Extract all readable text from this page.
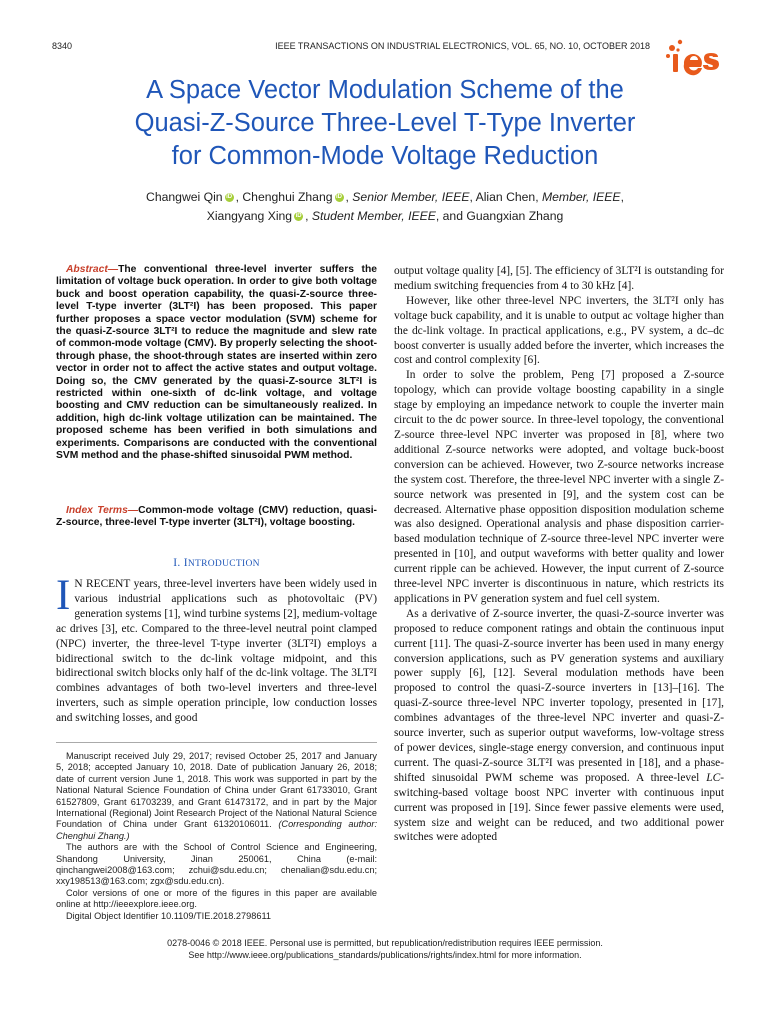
8340	IEEE TRANSACTIONS ON INDUSTRIAL ELECTRONICS, VOL. 65, NO. 10, OCTOBER 2018
A Space Vector Modulation Scheme of the
Quasi-Z-Source Three-Level T-Type Inverter
for Common-Mode Voltage Reduction
Changwei Qin iD , Chenghui Zhang iD , Senior Member, IEEE, Alian Chen, Member, IEEE,
Xiangyang Xing iD , Student Member, IEEE, and Guangxian Zhang

Abstract—The conventional three-level inverter suffers the limitation of voltage buck operation. In order to give both voltage buck and boost operation capability, the quasi-Z-source three-level T-type inverter (3LT²I) has been proposed. This paper further proposes a space vector modulation (SVM) scheme for the quasi-Z-source 3LT²I to reduce the magnitude and slew rate of common-mode voltage (CMV). By properly selecting the shoot-through phase, the shoot-through states are inserted within zero vector in order not to affect the active states and output voltage. Doing so, the CMV generated by the quasi-Z-source 3LT²I is restricted within one-sixth of dc-link voltage, and voltage boosting and CMV reduction can be simultaneously realized. In addition, high dc-link voltage utilization can be maintained. The proposed scheme has been verified in both simulations and experiments. Comparisons are conducted with the conventional SVM method and the phase-shifted sinusoidal PWM method.

Index Terms—Common-mode voltage (CMV) reduction, quasi-Z-source, three-level T-type inverter (3LT²I), voltage boosting.

I. INTRODUCTION

I N RECENT years, three-level inverters have been widely used in various industrial applications such as photovoltaic (PV) generation systems [1], wind turbine systems [2], medium-voltage ac drives [3], etc. Compared to the three-level neutral point clamped (NPC) inverter, the three-level T-type inverter (3LT²I) employs a bidirectional switch to the dc-link voltage midpoint, and this bidirectional switch blocks only half of the dc-link voltage. The 3LT²I combines advantages of both two-level inverters and three-level inverters, such as simple operation principle, low conduction losses and switching losses, and good

output voltage quality [4], [5]. The efficiency of 3LT²I is outstanding for medium switching frequencies from 4 to 30 kHz [4].

However, like other three-level NPC inverters, the 3LT²I only has voltage buck capability, and it is unable to output ac voltage higher than the dc-link voltage. In practical applications, e.g., PV system, a dc–dc boost converter is usually added before the inverter, which increases the cost and control complexity [6].

In order to solve the problem, Peng [7] proposed a Z-source topology, which can provide voltage boosting capability in a single stage by employing an impedance network to couple the inverter main circuit to the dc power source. In three-level topology, the conventional Z-source three-level NPC inverter was proposed in [8], where two additional Z-source networks were adopted, and voltage buck-boost conversion can be achieved. However, two Z-source networks increase the system cost. Therefore, the three-level NPC inverter with a single Z-source network was presented in [9], and the system cost can be decreased. Alternative phase opposition disposition modulation scheme was also designed. Operational analysis and phase disposition carrier-based modulation technique of Z-source three-level NPC inverter were presented in [10], and output waveforms with better quality and lower current ripple can be achieved. However, the input current of Z-source three-level NPC inverter is discontinuous in nature, which restricts its applications in PV generation system and fuel cell system.

As a derivative of Z-source inverter, the quasi-Z-source inverter was proposed to reduce component ratings and obtain the continuous input current [11]. The quasi-Z-source inverter has been used in many energy conversion applications, such as PV generation systems and auxiliary power supply [6], [12]. Several modulation methods have been proposed to control the quasi-Z-source inverters in [13]–[16]. The quasi-Z-source three-level NPC inverter topology, presented in [17], combines advantages of the three-level NPC inverter and quasi-Z-source inverter, such as superior output waveforms, low-voltage stress of power devices, single-stage energy conversion, and continuous input current. The quasi-Z-source 3LT²I was presented in [18], and a phase-shifted sinusoidal PWM scheme was proposed. A three-level LC-switching-based voltage boost NPC inverter with continuous input current was proposed in [19]. Since fewer passive elements were used, system size and weight can be reduced, and two additional power switches were adopted

Manuscript received July 29, 2017; revised October 25, 2017 and January 5, 2018; accepted January 10, 2018. Date of publication January 26, 2018; date of current version June 1, 2018. This work was supported in part by the National Natural Science Foundation of China under Grant 61733010, Grant 61527809, Grant 61703239, and Grant 61473172, and in part by the Major International (Regional) Joint Research Project of the National Natural Science Foundation of China under Grant 61320106011. (Corresponding author: Chenghui Zhang.)

The authors are with the School of Control Science and Engineering, Shandong University, Jinan 250061, China (e-mail: qinchangwei2008@163.com; zchui@sdu.edu.cn; chenalian@sdu.edu.cn; xxy198513@163.com; zgx@sdu.edu.cn).

Color versions of one or more of the figures in this paper are available online at http://ieeexplore.ieee.org.

Digital Object Identifier 10.1109/TIE.2018.2798611

0278-0046 © 2018 IEEE. Personal use is permitted, but republication/redistribution requires IEEE permission.
See http://www.ieee.org/publications_standards/publications/rights/index.html for more information.
